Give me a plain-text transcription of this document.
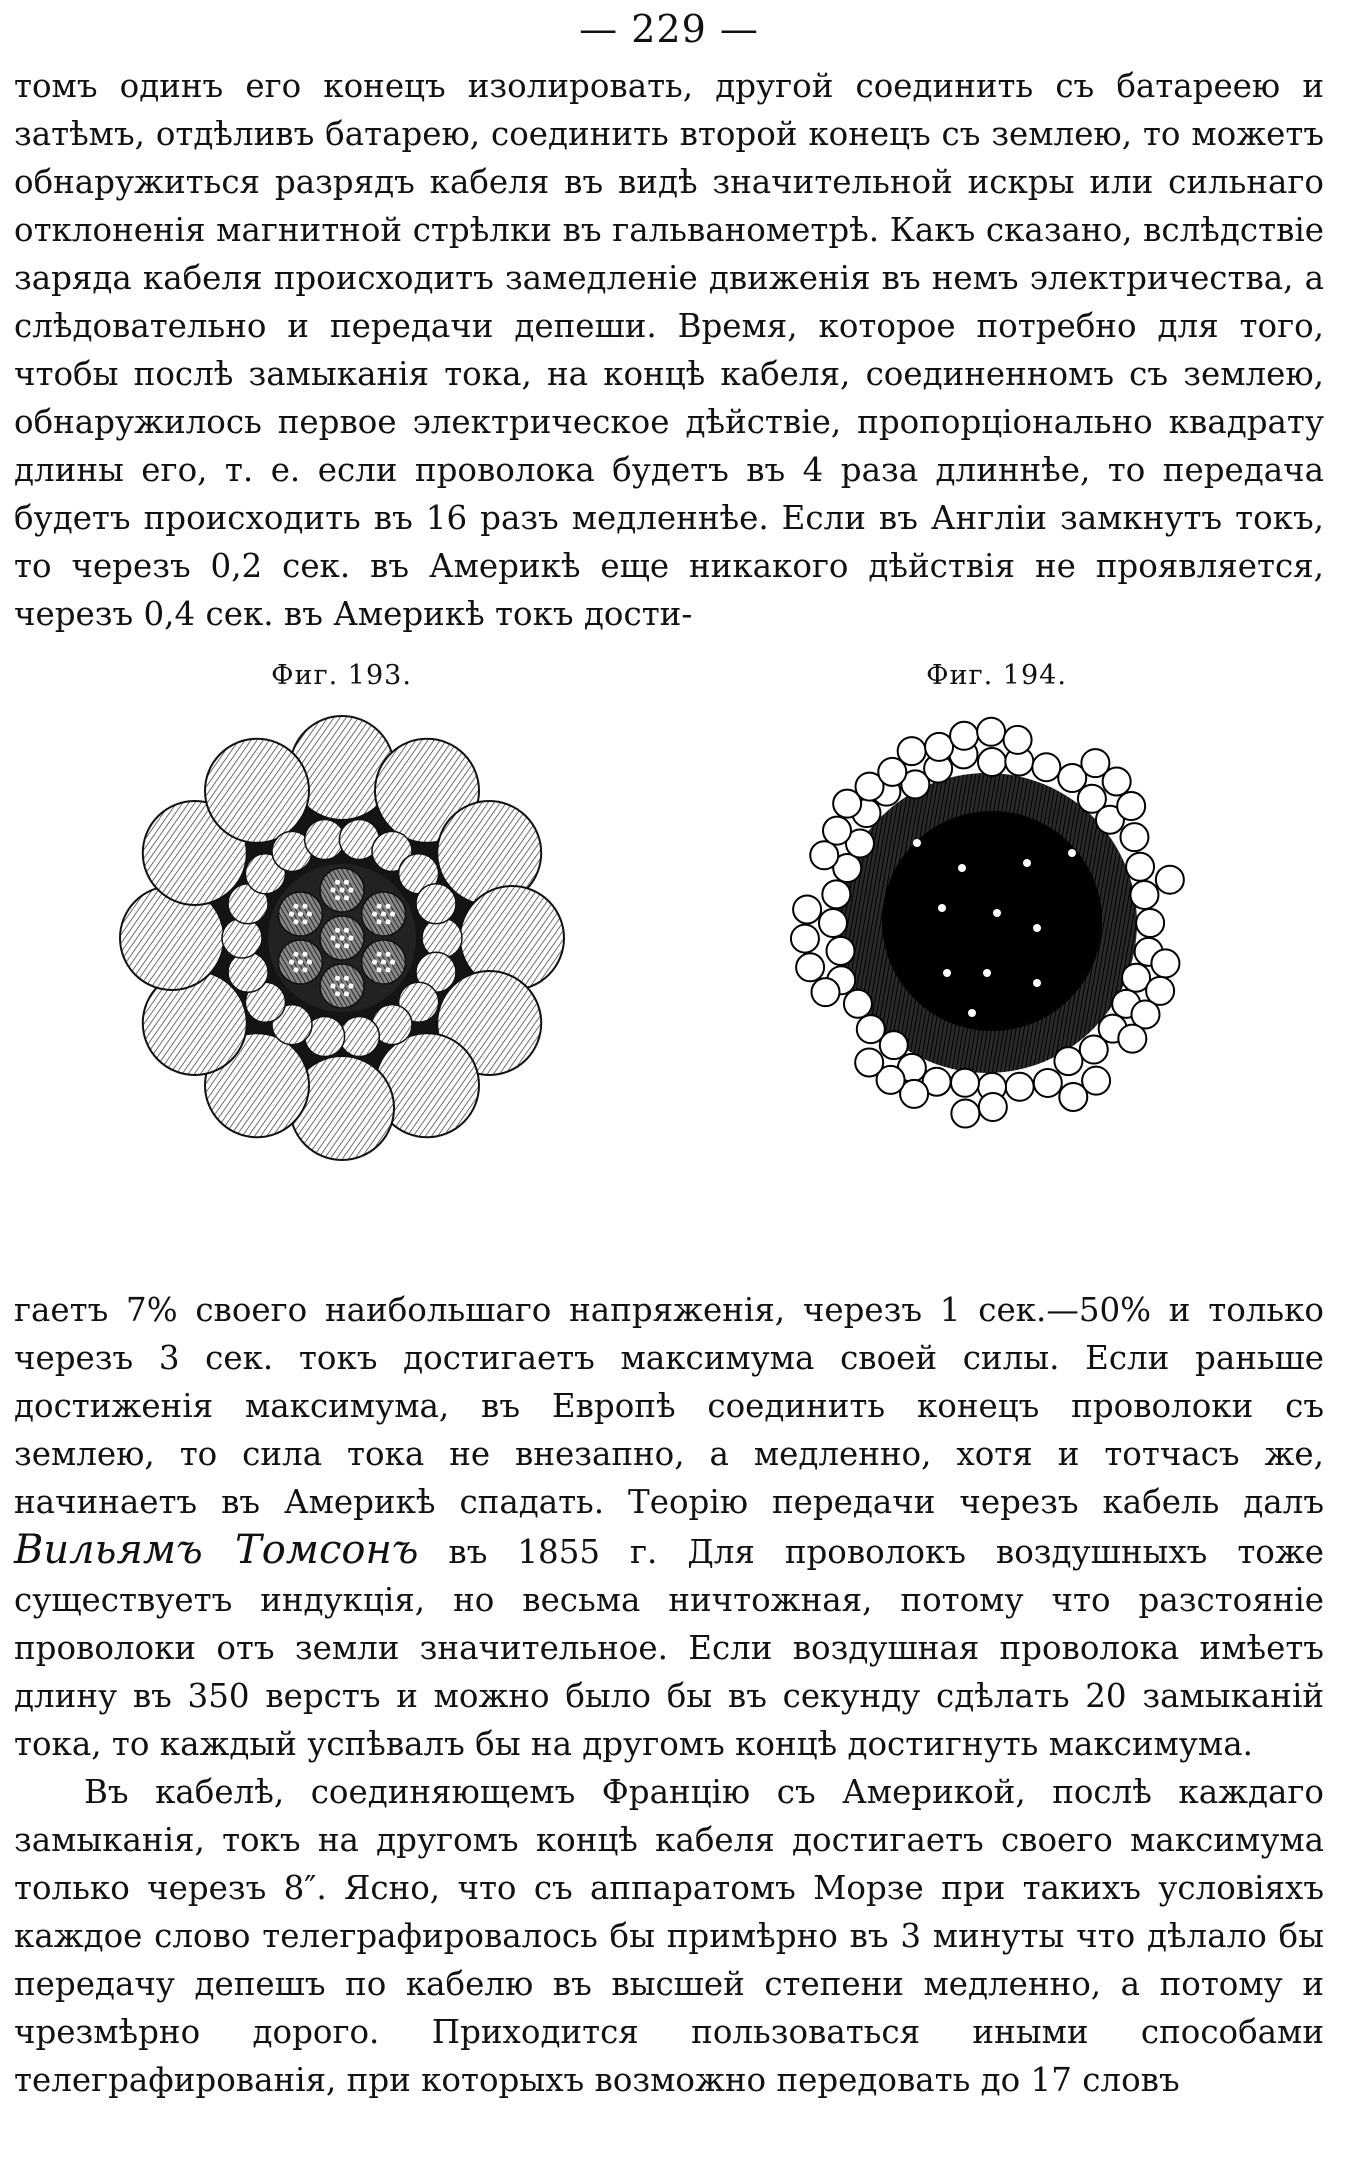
— 229 —

томъ одинъ его конецъ изолировать, другой соединить съ батареею и затѣмъ, отдѣливъ батарею, соединить второй конецъ съ землею, то можетъ обнаружиться разрядъ кабеля въ видѣ значительной искры или сильнаго отклоненія магнитной стрѣлки въ гальванометрѣ. Какъ сказано, вслѣдствіе заряда кабеля происходитъ замедленіе движенія въ немъ электричества, а слѣдовательно и передачи депеши. Время, которое потребно для того, чтобы послѣ замыканія тока, на концѣ кабеля, соединенномъ съ землею, обнаружилось первое электрическое дѣйствіе, пропорціонально квадрату длины его, т. е. если проволока будетъ въ 4 раза длиннѣе, то передача будетъ происходить въ 16 разъ медленнѣе. Если въ Англіи замкнутъ токъ, то черезъ 0,2 сек. въ Америкѣ еще никакого дѣйствія не проявляется, черезъ 0,4 сек. въ Америкѣ токъ дости-

Фиг. 193.	Фиг. 194.

гаетъ 7% своего наибольшаго напряженія, черезъ 1 сек.—50% и только черезъ 3 сек. токъ достигаетъ максимума своей силы. Если раньше достиженія максимума, въ Европѣ соединить конецъ проволоки съ землею, то сила тока не внезапно, а медленно, хотя и тотчасъ же, начинаетъ въ Америкѣ спадать. Теорію передачи черезъ кабель далъ Вильямъ Томсонъ въ 1855 г. Для проволокъ воздушныхъ тоже существуетъ индукція, но весьма ничтожная, потому что разстояніе проволоки отъ земли значительное. Если воздушная проволока имѣетъ длину въ 350 верстъ и можно было бы въ секунду сдѣлать 20 замыканій тока, то каждый успѣвалъ бы на другомъ концѣ достигнуть максимума.

Въ кабелѣ, соединяющемъ Францію съ Америкой, послѣ каждаго замыканія, токъ на другомъ концѣ кабеля достигаетъ своего максимума только черезъ 8″. Ясно, что съ аппаратомъ Морзе при такихъ условіяхъ каждое слово телеграфировалось бы примѣрно въ 3 минуты что дѣлало бы передачу депешъ по кабелю въ высшей степени медленно, а потому и чрезмѣрно дорого. Приходится пользоваться иными способами телеграфированія, при которыхъ возможно передовать до 17 словъ
